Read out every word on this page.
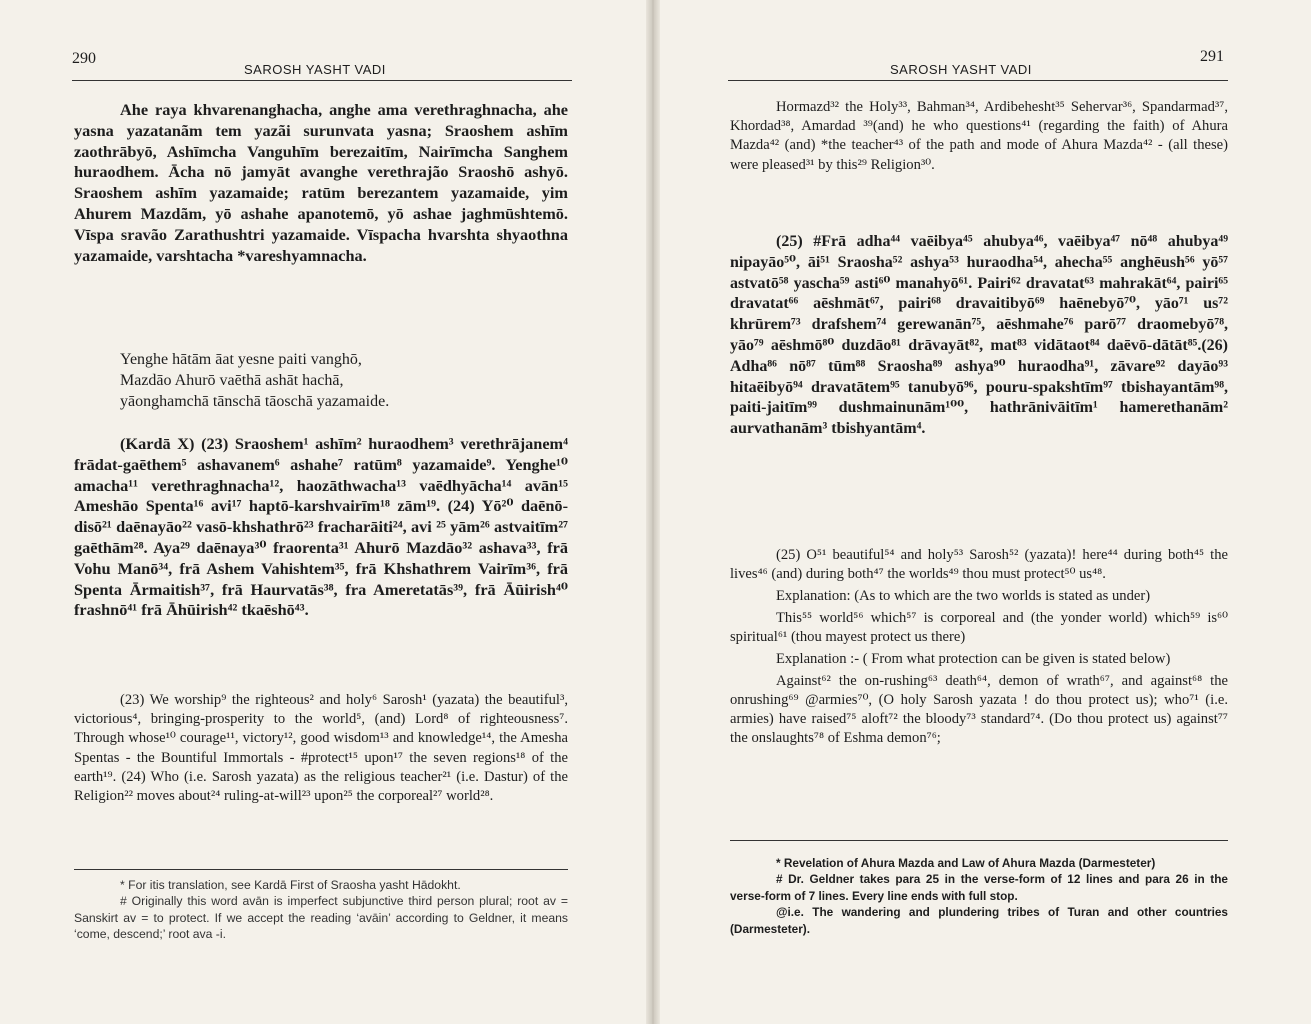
290
SAROSH YASHT VADI

Ahe raya khvarenanghacha, anghe ama verethraghnacha, ahe yasna yazatanãm tem yazãi surunvata yasna; Sraoshem ashīm zaothrābyō, Ashīmcha Vanguhīm berezaitīm, Nairīmcha Sanghem huraodhem. Ācha nō jamyāt avanghe verethrajão Sraoshō ashyō. Sraoshem ashīm yazamaide; ratūm berezantem yazamaide, yim Ahurem Mazdãm, yō ashahe apanotemō, yō ashae jaghmūshtemō. Vīspa sravão Zarathushtri yazamaide. Vīspacha hvarshta shyaothna yazamaide, varshtacha *vareshyamnacha.

Yenghe hātām āat yesne paiti vanghō,

Mazdāo Ahurō vaēthā ashāt hachā,

yāonghamchā tānschā tāoschā yazamaide.

(Kardā X) (23) Sraoshem¹ ashīm² huraodhem³ verethrājanem⁴ frādat-gaēthem⁵ ashavanem⁶ ashahe⁷ ratūm⁸ yazamaide⁹. Yenghe¹⁰ amacha¹¹ verethraghnacha¹², haozāthwacha¹³ vaēdhyācha¹⁴ avān¹⁵ Ameshāo Spenta¹⁶ avi¹⁷ haptō-karshvairīm¹⁸ zām¹⁹. (24) Yō²⁰ daēnō-disō²¹ daēnayāo²² vasō-khshathrō²³ fracharāiti²⁴, avi ²⁵ yām²⁶ astvaitīm²⁷ gaēthām²⁸. Aya²⁹ daēnaya³⁰ fraorenta³¹ Ahurō Mazdāo³² ashava³³, frā Vohu Manō³⁴, frā Ashem Vahishtem³⁵, frā Khshathrem Vairīm³⁶, frā Spenta Ārmaitish³⁷, frā Haurvatās³⁸, fra Ameretatās³⁹, frā Āūirish⁴⁰ frashnō⁴¹ frā Āhūirish⁴² tkaēshō⁴³.

(23) We worship⁹ the righteous² and holy⁶ Sarosh¹ (yazata) the beautiful³, victorious⁴, bringing-prosperity to the world⁵, (and) Lord⁸ of righteousness⁷. Through whose¹⁰ courage¹¹, victory¹², good wisdom¹³ and knowledge¹⁴, the Amesha Spentas - the Bountiful Immortals - #protect¹⁵ upon¹⁷ the seven regions¹⁸ of the earth¹⁹. (24) Who (i.e. Sarosh yazata) as the religious teacher²¹ (i.e. Dastur) of the Religion²² moves about²⁴ ruling-at-will²³ upon²⁵ the corporeal²⁷ world²⁸.

* For itis translation, see Kardā First of Sraosha yasht Hādokht.

# Originally this word avān is imperfect subjunctive third person plural; root av = Sanskirt av = to protect. If we accept the reading ‘avāin’ according to Geldner, it means ‘come, descend;’ root ava -i.

SAROSH YASHT VADI
291

Hormazd³² the Holy³³, Bahman³⁴, Ardibehesht³⁵ Sehervar³⁶, Spandarmad³⁷, Khordad³⁸, Amardad ³⁹(and) he who questions⁴¹ (regarding the faith) of Ahura Mazda⁴² (and) *the teacher⁴³ of the path and mode of Ahura Mazda⁴² - (all these) were pleased³¹ by this²⁹ Religion³⁰.

(25) #Frā adha⁴⁴ vaēibya⁴⁵ ahubya⁴⁶, vaēibya⁴⁷ nō⁴⁸ ahubya⁴⁹ nipayāo⁵⁰, āi⁵¹ Sraosha⁵² ashya⁵³ huraodha⁵⁴, ahecha⁵⁵ anghēush⁵⁶ yō⁵⁷ astvatō⁵⁸ yascha⁵⁹ asti⁶⁰ manahyō⁶¹. Pairi⁶² dravatat⁶³ mahrakāt⁶⁴, pairi⁶⁵ dravatat⁶⁶ aēshmāt⁶⁷, pairi⁶⁸ dravaitibyō⁶⁹ haēnebyō⁷⁰, yāo⁷¹ us⁷² khrūrem⁷³ drafshem⁷⁴ gerewanān⁷⁵, aēshmahe⁷⁶ parō⁷⁷ draomebyō⁷⁸, yāo⁷⁹ aēshmō⁸⁰ duzdāo⁸¹ drāvayāt⁸², mat⁸³ vidātaot⁸⁴ daēvō-dātāt⁸⁵.(26) Adha⁸⁶ nō⁸⁷ tūm⁸⁸ Sraosha⁸⁹ ashya⁹⁰ huraodha⁹¹, zāvare⁹² dayāo⁹³ hitaēibyō⁹⁴ dravatātem⁹⁵ tanubyō⁹⁶, pouru-spakshtīm⁹⁷ tbishayantām⁹⁸, paiti-jaitīm⁹⁹ dushmainunām¹⁰⁰, hathrānivāitīm¹ hamerethanām² aurvathanām³ tbishyantām⁴.

(25) O⁵¹ beautiful⁵⁴ and holy⁵³ Sarosh⁵² (yazata)! here⁴⁴ during both⁴⁵ the lives⁴⁶ (and) during both⁴⁷ the worlds⁴⁹ thou must protect⁵⁰ us⁴⁸.

Explanation: (As to which are the two worlds is stated as under)

This⁵⁵ world⁵⁶ which⁵⁷ is corporeal and (the yonder world) which⁵⁹ is⁶⁰ spiritual⁶¹ (thou mayest protect us there)

Explanation :- ( From what protection can be given is stated below)

Against⁶² the on-rushing⁶³ death⁶⁴, demon of wrath⁶⁷, and against⁶⁸ the onrushing⁶⁹ @armies⁷⁰, (O holy Sarosh yazata ! do thou protect us); who⁷¹ (i.e. armies) have raised⁷⁵ aloft⁷² the bloody⁷³ standard⁷⁴. (Do thou protect us) against⁷⁷ the onslaughts⁷⁸ of Eshma demon⁷⁶;

* Revelation of Ahura Mazda and Law of Ahura Mazda (Darmesteter)

# Dr. Geldner takes para 25 in the verse-form of 12 lines and para 26 in the verse-form of 7 lines. Every line ends with full stop.

@i.e. The wandering and plundering tribes of Turan and other countries (Darmesteter).
